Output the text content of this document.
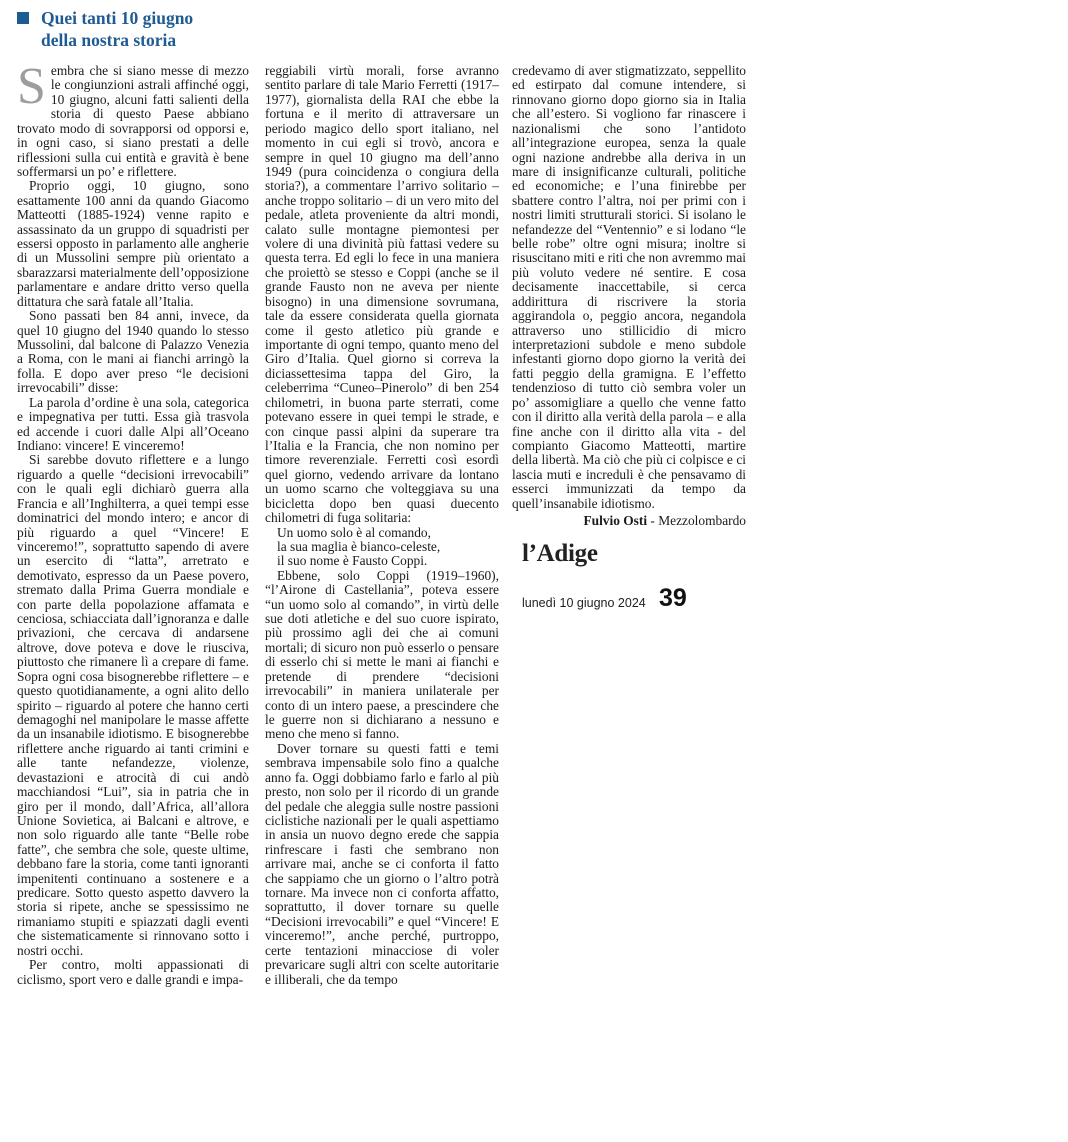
Quei tanti 10 giugno
della nostra storia

Sembra che si siano messe di mezzo le congiunzioni astrali affinché oggi, 10 giugno, alcuni fatti salienti della storia di questo Paese abbiano trovato modo di sovrapporsi od opporsi e, in ogni caso, si siano prestati a delle riflessioni sulla cui entità e gravità è bene soffermarsi un po’ e riflettere.

Proprio oggi, 10 giugno, sono esattamente 100 anni da quando Giacomo Matteotti (1885-1924) venne rapito e assassinato da un gruppo di squadristi per essersi opposto in parlamento alle angherie di un Mussolini sempre più orientato a sbarazzarsi materialmente dell’opposizione parlamentare e andare dritto verso quella dittatura che sarà fatale all’Italia.

Sono passati ben 84 anni, invece, da quel 10 giugno del 1940 quando lo stesso Mussolini, dal balcone di Palazzo Venezia a Roma, con le mani ai fianchi arringò la folla. E dopo aver preso “le decisioni irrevocabili” disse:

La parola d’ordine è una sola, categorica e impegnativa per tutti. Essa già trasvola ed accende i cuori dalle Alpi all’Oceano Indiano: vincere! E vinceremo!

Si sarebbe dovuto riflettere e a lungo riguardo a quelle “decisioni irrevocabili” con le quali egli dichiarò guerra alla Francia e all’Inghilterra, a quei tempi esse dominatrici del mondo intero; e ancor di più riguardo a quel “Vincere! E vinceremo!”, soprattutto sapendo di avere un esercito di “latta”, arretrato e demotivato, espresso da un Paese povero, stremato dalla Prima Guerra mondiale e con parte della popolazione affamata e cenciosa, schiacciata dall’ignoranza e dalle privazioni, che cercava di andarsene altrove, dove poteva e dove le riusciva, piuttosto che rimanere lì a crepare di fame. Sopra ogni cosa bisognerebbe riflettere – e questo quotidianamente, a ogni alito dello spirito – riguardo al potere che hanno certi demagoghi nel manipolare le masse affette da un insanabile idiotismo. E bisognerebbe riflettere anche riguardo ai tanti crimini e alle tante nefandezze, violenze, devastazioni e atrocità di cui andò macchiandosi “Lui”, sia in patria che in giro per il mondo, dall’Africa, all’allora Unione Sovietica, ai Balcani e altrove, e non solo riguardo alle tante “Belle robe fatte”, che sembra che sole, queste ultime, debbano fare la storia, come tanti ignoranti impenitenti continuano a sostenere e a predicare. Sotto questo aspetto davvero la storia si ripete, anche se spessissimo ne rimaniamo stupiti e spiazzati dagli eventi che sistematicamente si rinnovano sotto i nostri occhi.

Per contro, molti appassionati di ciclismo, sport vero e dalle grandi e impa-

reggiabili virtù morali, forse avranno sentito parlare di tale Mario Ferretti (1917–1977), giornalista della RAI che ebbe la fortuna e il merito di attraversare un periodo magico dello sport italiano, nel momento in cui egli si trovò, ancora e sempre in quel 10 giugno ma dell’anno 1949 (pura coincidenza o congiura della storia?), a commentare l’arrivo solitario – anche troppo solitario – di un vero mito del pedale, atleta proveniente da altri mondi, calato sulle montagne piemontesi per volere di una divinità più fattasi vedere su questa terra. Ed egli lo fece in una maniera che proiettò se stesso e Coppi (anche se il grande Fausto non ne aveva per niente bisogno) in una dimensione sovrumana, tale da essere considerata quella giornata come il gesto atletico più grande e importante di ogni tempo, quanto meno del Giro d’Italia. Quel giorno si correva la diciassettesima tappa del Giro, la celeberrima “Cuneo–Pinerolo” di ben 254 chilometri, in buona parte sterrati, come potevano essere in quei tempi le strade, e con cinque passi alpini da superare tra l’Italia e la Francia, che non nomino per timore reverenziale. Ferretti così esordì quel giorno, vedendo arrivare da lontano un uomo scarno che volteggiava su una bicicletta dopo ben quasi duecento chilometri di fuga solitaria:

Un uomo solo è al comando,
la sua maglia è bianco-celeste,
il suo nome è Fausto Coppi.

Ebbene, solo Coppi (1919–1960), “l’Airone di Castellania”, poteva essere “un uomo solo al comando”, in virtù delle sue doti atletiche e del suo cuore ispirato, più prossimo agli dei che ai comuni mortali; di sicuro non può esserlo o pensare di esserlo chi si mette le mani ai fianchi e pretende di prendere “decisioni irrevocabili” in maniera unilaterale per conto di un intero paese, a prescindere che le guerre non si dichiarano a nessuno e meno che meno si fanno.

Dover tornare su questi fatti e temi sembrava impensabile solo fino a qualche anno fa. Oggi dobbiamo farlo e farlo al più presto, non solo per il ricordo di un grande del pedale che aleggia sulle nostre passioni ciclistiche nazionali per le quali aspettiamo in ansia un nuovo degno erede che sappia rinfrescare i fasti che sembrano non arrivare mai, anche se ci conforta il fatto che sappiamo che un giorno o l’altro potrà tornare. Ma invece non ci conforta affatto, soprattutto, il dover tornare su quelle “Decisioni irrevocabili” e quel “Vincere! E vinceremo!”, anche perché, purtroppo, certe tentazioni minacciose di voler prevaricare sugli altri con scelte autoritarie e illiberali, che da tempo

credevamo di aver stigmatizzato, seppellito ed estirpato dal comune intendere, si rinnovano giorno dopo giorno sia in Italia che all’estero. Si vogliono far rinascere i nazionalismi che sono l’antidoto all’integrazione europea, senza la quale ogni nazione andrebbe alla deriva in un mare di insignificanze culturali, politiche ed economiche; e l’una finirebbe per sbattere contro l’altra, noi per primi con i nostri limiti strutturali storici. Si isolano le nefandezze del “Ventennio” e si lodano “le belle robe” oltre ogni misura; inoltre si risuscitano miti e riti che non avremmo mai più voluto vedere né sentire. E cosa decisamente inaccettabile, si cerca addirittura di riscrivere la storia aggirandola o, peggio ancora, negandola attraverso uno stillicidio di micro interpretazioni subdole e meno subdole infestanti giorno dopo giorno la verità dei fatti peggio della gramigna. E l’effetto tendenzioso di tutto ciò sembra voler un po’ assomigliare a quello che venne fatto con il diritto alla verità della parola – e alla fine anche con il diritto alla vita - del compianto Giacomo Matteotti, martire della libertà. Ma ciò che più ci colpisce e ci lascia muti e increduli è che pensavamo di esserci immunizzati da tempo da quell’insanabile idiotismo.

Fulvio Osti - Mezzolombardo
l’Adige
lunedì 10 giugno 2024 39
